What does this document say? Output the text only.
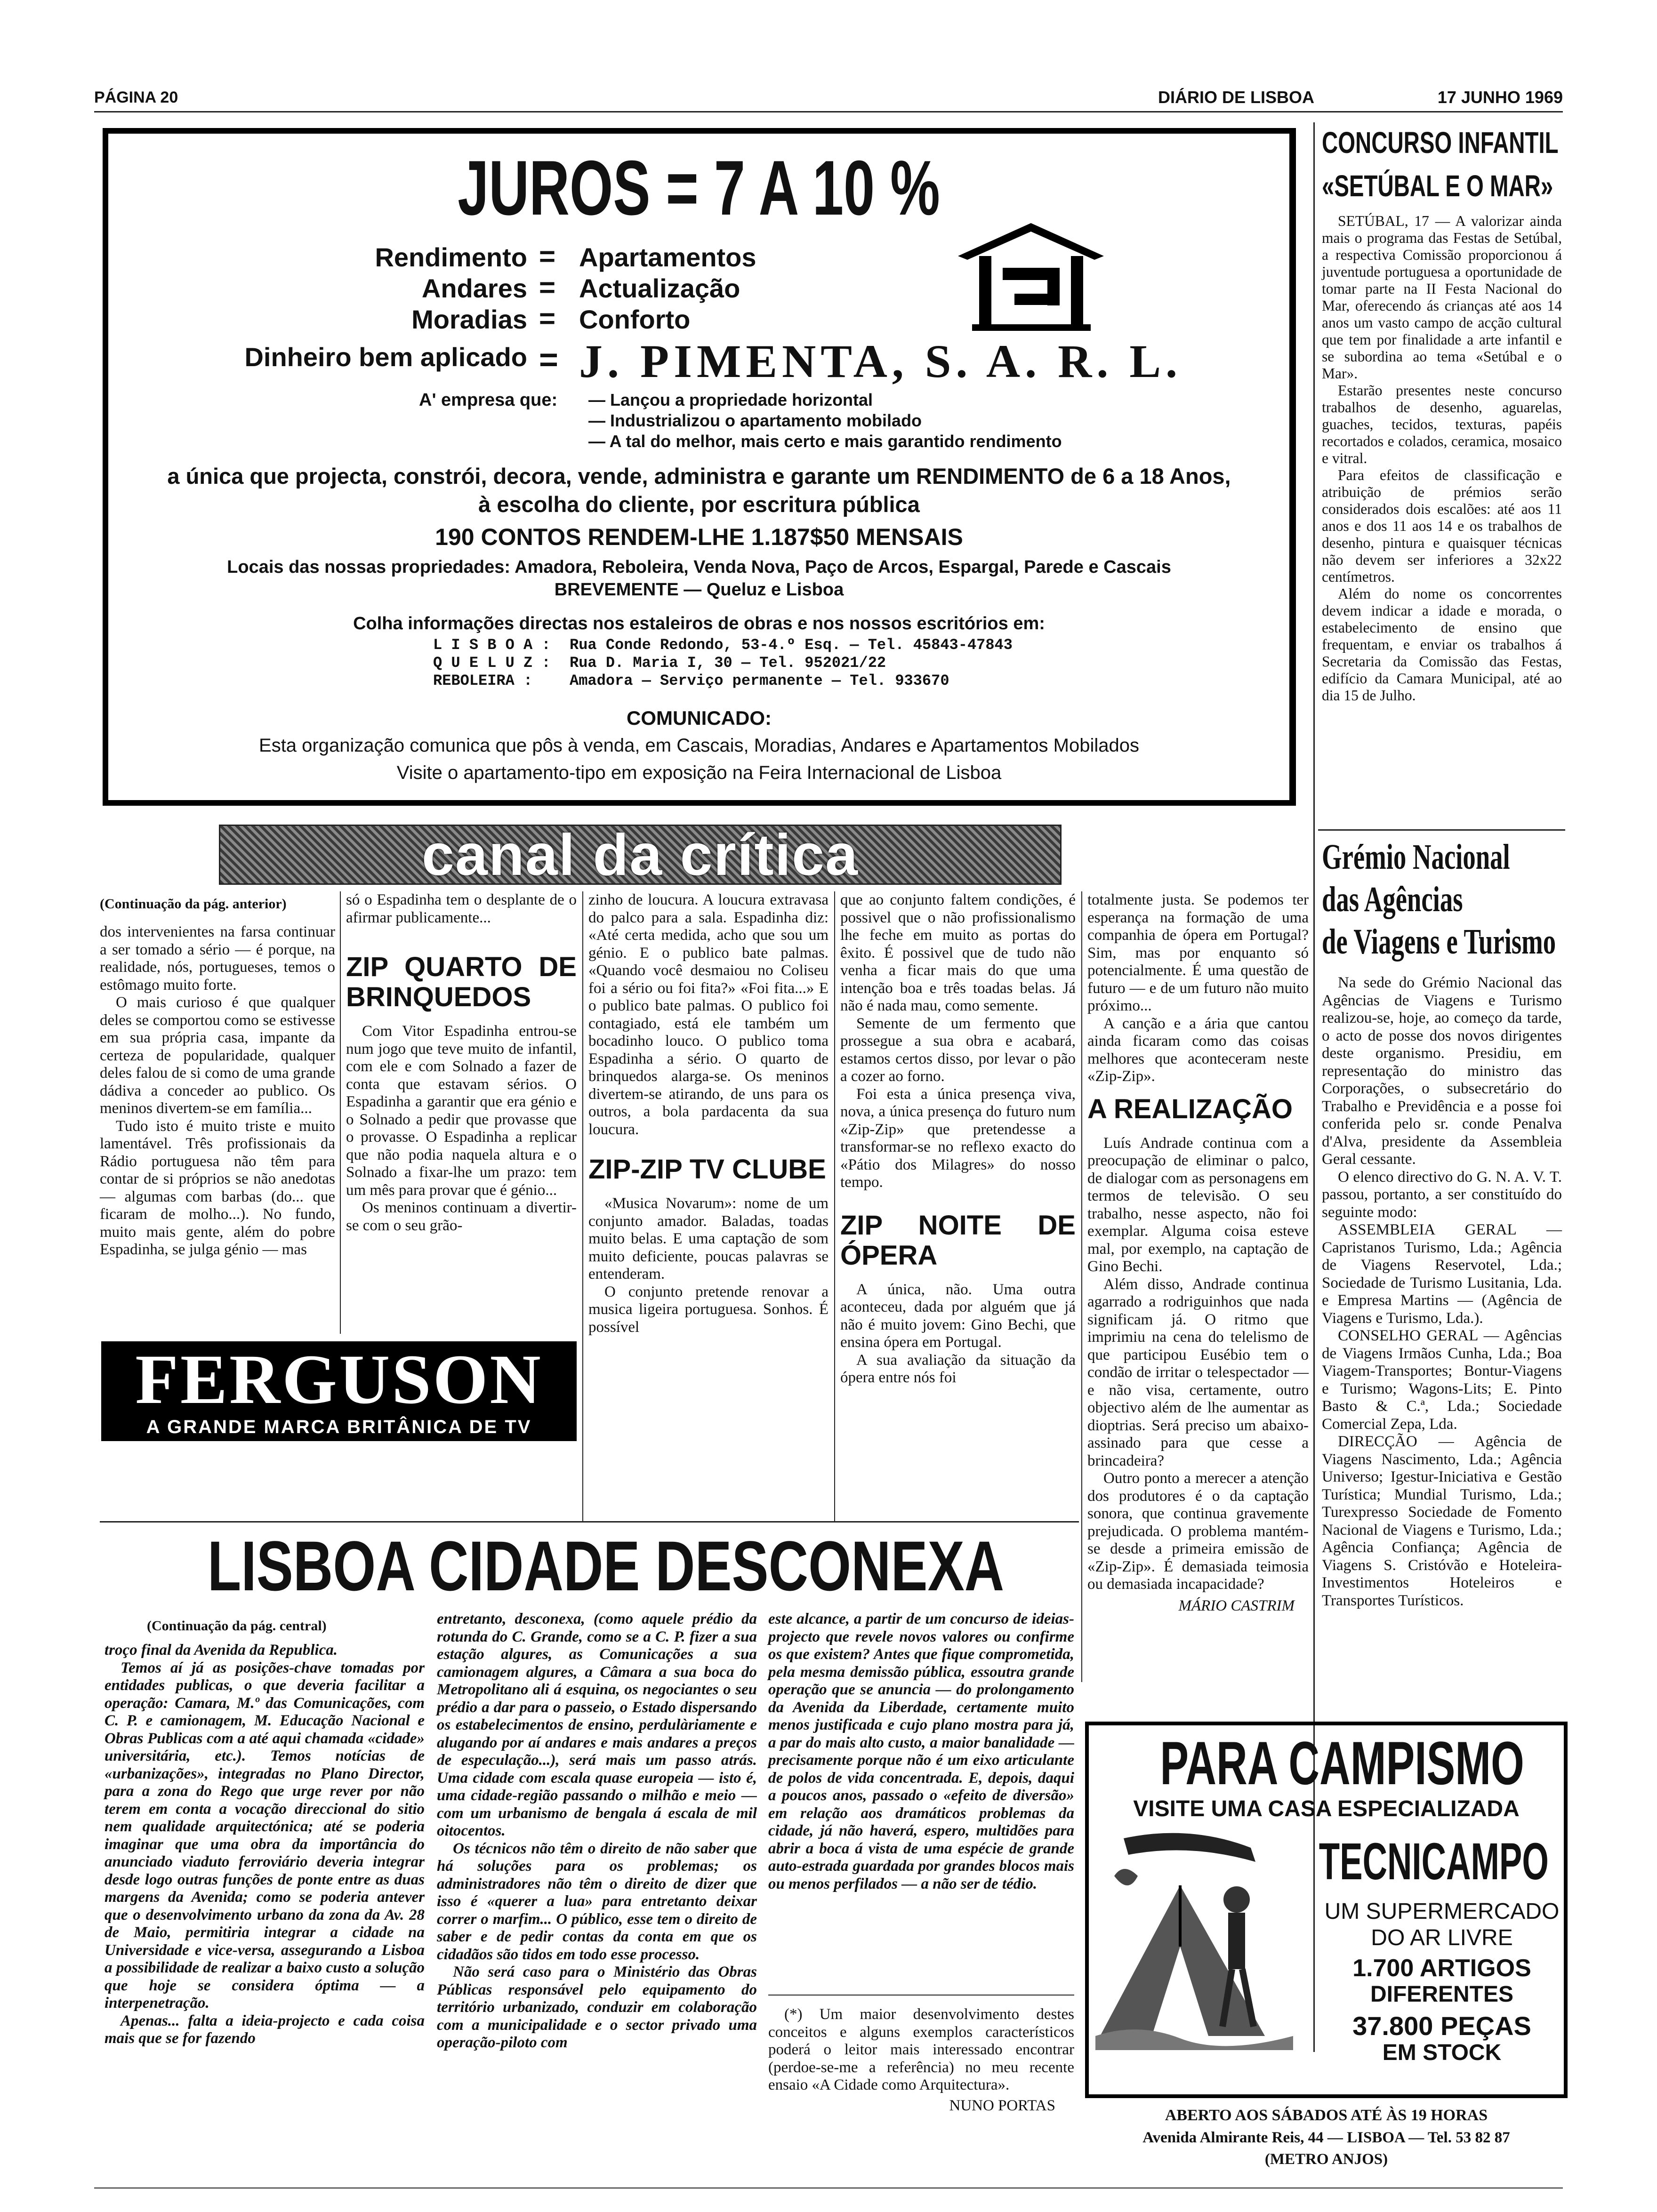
PÁGINA 20	DIÁRIO DE LISBOA	17 JUNHO 1969
JUROS = 7 A 10 %
Rendimento = Apartamentos
Andares = Actualização
Moradias = Conforto
Dinheiro bem aplicado = J. PIMENTA, S. A. R. L.
A' empresa que: — Lançou a propriedade horizontal
— Industrializou o apartamento mobilado
— A tal do melhor, mais certo e mais garantido rendimento
a única que projecta, constrói, decora, vende, administra e garante um RENDIMENTO de 6 a 18 Anos,
à escolha do cliente, por escritura pública
190 CONTOS RENDEM-LHE 1.187$50 MENSAIS
Locais das nossas propriedades: Amadora, Reboleira, Venda Nova, Paço de Arcos, Espargal, Parede e Cascais
BREVEMENTE — Queluz e Lisboa
Colha informações directas nos estaleiros de obras e nos nossos escritórios em:
L I S B O A : Rua Conde Redondo, 53-4.º Esq. — Tel. 45843-47843
Q U E L U Z : Rua D. Maria I, 30 — Tel. 952021/22
REBOLEIRA : Amadora — Serviço permanente — Tel. 933670
COMUNICADO:
Esta organização comunica que pôs à venda, em Cascais, Moradias, Andares e Apartamentos Mobilados
Visite o apartamento-tipo em exposição na Feira Internacional de Lisboa
CONCURSO INFANTIL
«SETÚBAL E O MAR»

SETÚBAL, 17 — A valorizar ainda mais o programa das Festas de Setúbal, a respectiva Comissão proporcionou á juventude portuguesa a oportunidade de tomar parte na II Festa Nacional do Mar, oferecendo ás crianças até aos 14 anos um vasto campo de acção cultural que tem por finalidade a arte infantil e se subordina ao tema «Setúbal e o Mar».

Estarão presentes neste concurso trabalhos de desenho, aguarelas, guaches, tecidos, texturas, papéis recortados e colados, ceramica, mosaico e vitral.

Para efeitos de classificação e atribuição de prémios serão considerados dois escalões: até aos 11 anos e dos 11 aos 14 e os trabalhos de desenho, pintura e quaisquer técnicas não devem ser inferiores a 32x22 centímetros.

Além do nome os concorrentes devem indicar a idade e morada, o estabelecimento de ensino que frequentam, e enviar os trabalhos á Secretaria da Comissão das Festas, edifício da Camara Municipal, até ao dia 15 de Julho.

canal da crítica
(Continuação da pág. anterior)

dos intervenientes na farsa continuar a ser tomado a sério — é porque, na realidade, nós, portugueses, temos o estômago muito forte.

O mais curioso é que qualquer deles se comportou como se estivesse em sua própria casa, impante da certeza de popularidade, qualquer deles falou de si como de uma grande dádiva a conceder ao publico. Os meninos divertem-se em família...

Tudo isto é muito triste e muito lamentável. Três profissionais da Rádio portuguesa não têm para contar de si próprios se não anedotas — algumas com barbas (do... que ficaram de molho...). No fundo, muito mais gente, além do pobre Espadinha, se julga génio — mas

só o Espadinha tem o desplante de o afirmar publicamente...

ZIP QUARTO DE BRINQUEDOS

Com Vitor Espadinha entrou-se num jogo que teve muito de infantil, com ele e com Solnado a fazer de conta que estavam sérios. O Espadinha a garantir que era génio e o Solnado a pedir que provasse que o provasse. O Espadinha a replicar que não podia naquela altura e o Solnado a fixar-lhe um prazo: tem um mês para provar que é génio...

Os meninos continuam a divertir-se com o seu grão-

zinho de loucura. A loucura extravasa do palco para a sala. Espadinha diz: «Até certa medida, acho que sou um génio. E o publico bate palmas. «Quando você desmaiou no Coliseu foi a sério ou foi fita?» «Foi fita...» E o publico bate palmas. O publico foi contagiado, está ele também um bocadinho louco. O publico toma Espadinha a sério. O quarto de brinquedos alarga-se. Os meninos divertem-se atirando, de uns para os outros, a bola pardacenta da sua loucura.

ZIP-ZIP TV CLUBE

«Musica Novarum»: nome de um conjunto amador. Baladas, toadas muito belas. E uma captação de som muito deficiente, poucas palavras se entenderam.

O conjunto pretende renovar a musica ligeira portuguesa. Sonhos. É possível

que ao conjunto faltem condições, é possivel que o não profissionalismo lhe feche em muito as portas do êxito. É possivel que de tudo não venha a ficar mais do que uma intenção boa e três toadas belas. Já não é nada mau, como semente.

Semente de um fermento que prossegue a sua obra e acabará, estamos certos disso, por levar o pão a cozer ao forno.

Foi esta a única presença viva, nova, a única presença do futuro num «Zip-Zip» que pretendesse a transformar-se no reflexo exacto do «Pátio dos Milagres» do nosso tempo.

ZIP NOITE DE ÓPERA

A única, não. Uma outra aconteceu, dada por alguém que já não é muito jovem: Gino Bechi, que ensina ópera em Portugal.

A sua avaliação da situação da ópera entre nós foi

totalmente justa. Se podemos ter esperança na formação de uma companhia de ópera em Portugal? Sim, mas por enquanto só potencialmente. É uma questão de futuro — e de um futuro não muito próximo...

A canção e a ária que cantou ainda ficaram como das coisas melhores que aconteceram neste «Zip-Zip».

A REALIZAÇÃO

Luís Andrade continua com a preocupação de eliminar o palco, de dialogar com as personagens em termos de televisão. O seu trabalho, nesse aspecto, não foi exemplar. Alguma coisa esteve mal, por exemplo, na captação de Gino Bechi.

Além disso, Andrade continua agarrado a rodriguinhos que nada significam já. O ritmo que imprimiu na cena do telelismo de que participou Eusébio tem o condão de irritar o telespectador — e não visa, certamente, outro objectivo além de lhe aumentar as dioptrias. Será preciso um abaixo-assinado para que cesse a brincadeira?

Outro ponto a merecer a atenção dos produtores é o da captação sonora, que continua gravemente prejudicada. O problema mantém-se desde a primeira emissão de «Zip-Zip». É demasiada teimosia ou demasiada incapacidade?

MÁRIO CASTRIM
FERGUSON
A GRANDE MARCA BRITÂNICA DE TV
LISBOA CIDADE DESCONEXA
(Continuação da pág. central)

troço final da Avenida da Republica.

Temos aí já as posições-chave tomadas por entidades publicas, o que deveria facilitar a operação: Camara, M.º das Comunicações, com C. P. e camionagem, M. Educação Nacional e Obras Publicas com a até aqui chamada «cidade» universitária, etc.). Temos notícias de «urbanizações», integradas no Plano Director, para a zona do Rego que urge rever por não terem em conta a vocação direccional do sitio nem qualidade arquitectónica; até se poderia imaginar que uma obra da importância do anunciado viaduto ferroviário deveria integrar desde logo outras funções de ponte entre as duas margens da Avenida; como se poderia antever que o desenvolvimento urbano da zona da Av. 28 de Maio, permitiria integrar a cidade na Universidade e vice-versa, assegurando a Lisboa a possibilidade de realizar a baixo custo a solução que hoje se considera óptima — a interpenetração.

Apenas... falta a ideia-projecto e cada coisa mais que se for fazendo

entretanto, desconexa, (como aquele prédio da rotunda do C. Grande, como se a C. P. fizer a sua estação algures, as Comunicações a sua camionagem algures, a Câmara a sua boca do Metropolitano ali á esquina, os negociantes o seu prédio a dar para o passeio, o Estado dispersando os estabelecimentos de ensino, perdulàriamente e alugando por aí andares e mais andares a preços de especulação...), será mais um passo atrás. Uma cidade com escala quase europeia — isto é, uma cidade-região passando o milhão e meio — com um urbanismo de bengala á escala de mil oitocentos.

Os técnicos não têm o direito de não saber que há soluções para os problemas; os administradores não têm o direito de dizer que isso é «querer a lua» para entretanto deixar correr o marfim... O público, esse tem o direito de saber e de pedir contas da conta em que os cidadãos são tidos em todo esse processo.

Não será caso para o Ministério das Obras Públicas responsável pelo equipamento do território urbanizado, conduzir em colaboração com a municipalidade e o sector privado uma operação-piloto com

este alcance, a partir de um concurso de ideias-projecto que revele novos valores ou confirme os que existem? Antes que fique comprometida, pela mesma demissão pública, essoutra grande operação que se anuncia — do prolongamento da Avenida da Liberdade, certamente muito menos justificada e cujo plano mostra para já, a par do mais alto custo, a maior banalidade — precisamente porque não é um eixo articulante de polos de vida concentrada. E, depois, daqui a poucos anos, passado o «efeito de diversão» em relação aos dramáticos problemas da cidade, já não haverá, espero, multidões para abrir a boca á vista de uma espécie de grande auto-estrada guardada por grandes blocos mais ou menos perfilados — a não ser de tédio.

(*) Um maior desenvolvimento destes conceitos e alguns exemplos característicos poderá o leitor mais interessado encontrar (perdoe-se-me a referência) no meu recente ensaio «A Cidade como Arquitectura».

NUNO PORTAS
Grémio Nacional
das Agências
de Viagens e Turismo

Na sede do Grémio Nacional das Agências de Viagens e Turismo realizou-se, hoje, ao começo da tarde, o acto de posse dos novos dirigentes deste organismo. Presidiu, em representação do ministro das Corporações, o subsecretário do Trabalho e Previdência e a posse foi conferida pelo sr. conde Penalva d'Alva, presidente da Assembleia Geral cessante.

O elenco directivo do G. N. A. V. T. passou, portanto, a ser constituído do seguinte modo:

ASSEMBLEIA GERAL — Capristanos Turismo, Lda.; Agência de Viagens Reservotel, Lda.; Sociedade de Turismo Lusitania, Lda. e Empresa Martins — (Agência de Viagens e Turismo, Lda.).

CONSELHO GERAL — Agências de Viagens Irmãos Cunha, Lda.; Boa Viagem-Transportes; Bontur-Viagens e Turismo; Wagons-Lits; E. Pinto Basto & C.ª, Lda.; Sociedade Comercial Zepa, Lda.

DIRECÇÃO — Agência de Viagens Nascimento, Lda.; Agência Universo; Igestur-Iniciativa e Gestão Turística; Mundial Turismo, Lda.; Turexpresso Sociedade de Fomento Nacional de Viagens e Turismo, Lda.; Agência Confiança; Agência de Viagens S. Cristóvão e Hoteleira-Investimentos Hoteleiros e Transportes Turísticos.

PARA CAMPISMO
VISITE UMA CASA ESPECIALIZADA
TECNICAMPO
UM SUPERMERCADO
DO AR LIVRE
1.700 ARTIGOS
DIFERENTES
37.800 PEÇAS
EM STOCK
ABERTO AOS SÁBADOS ATÉ ÀS 19 HORAS
Avenida Almirante Reis, 44 — LISBOA — Tel. 53 82 87
(METRO ANJOS)
